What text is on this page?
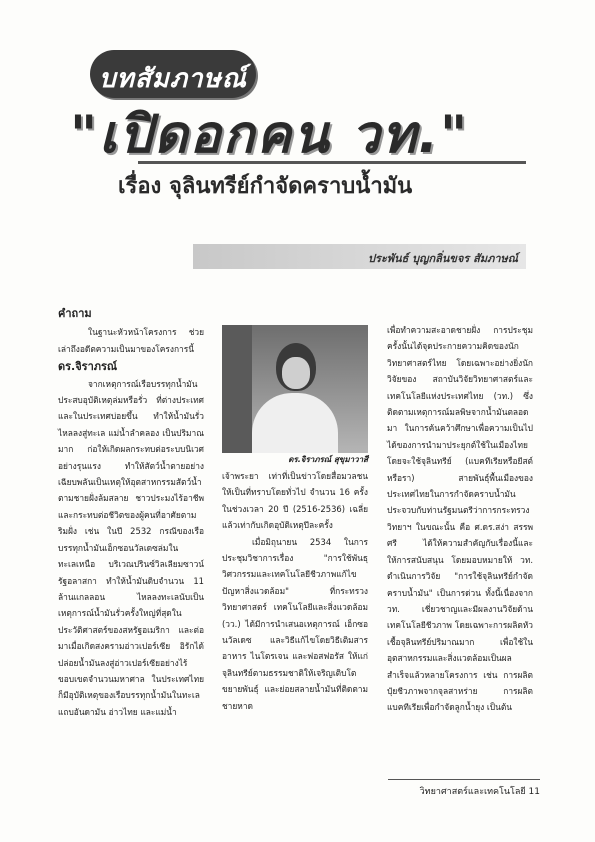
บทสัมภาษณ์
"เปิดอกคน วท."
เรื่อง จุลินทรีย์กำจัดคราบน้ำมัน
ประพันธ์ บุญกลิ่นขจร สัมภาษณ์

คำถาม

ในฐานะหัวหน้าโครงการ ช่วยเล่าถึงอดีตความเป็นมาของโครงการนี้

ดร.จิราภรณ์

จากเหตุการณ์เรือบรรทุกน้ำมันประสบอุบัติเหตุล่มหรือรั่ว ที่ต่างประเทศและในประเทศบ่อยขึ้น ทำให้น้ำมันรั่วไหลลงสู่ทะเล แม่น้ำลำคลอง เป็นปริมาณมาก ก่อให้เกิดผลกระทบต่อระบบนิเวศอย่างรุนแรง ทำให้สัตว์น้ำตายอย่างเฉียบพลันเป็นเหตุให้อุตสาหกรรมสัตว์น้ำตามชายฝั่งล้มสลาย ชาวประมงไร้อาชีพ และกระทบต่อชีวิตของผู้คนที่อาศัยตามริมฝั่ง เช่น ในปี 2532 กรณีของเรือบรรทุกน้ำมันเอ็กซอนวัลเดซล่มในทะเลเหนือ บริเวณปรินซ์วิลเลียมซาวน์ รัฐอลาสกา ทำให้น้ำมันดิบจำนวน 11 ล้านแกลลอน ไหลลงทะเลนับเป็นเหตุการณ์น้ำมันรั่วครั้งใหญ่ที่สุดในประวัติศาสตร์ของสหรัฐอเมริกา และต่อมาเมื่อเกิดสงครามอ่าวเปอร์เซีย อิรักได้ปล่อยน้ำมันลงสู่อ่าวเปอร์เซียอย่างไร้ขอบเขตจำนวนมหาศาล ในประเทศไทยก็มีอุบัติเหตุของเรือบรรทุกน้ำมันในทะเลแถบอันดามัน อ่าวไทย และแม่น้ำ

ดร.จิราภรณ์ สุขุมาวาสี

เจ้าพระยา เท่าที่เป็นข่าวโดยสื่อมวลชนให้เป็นที่ทราบโดยทั่วไป จำนวน 16 ครั้ง ในช่วงเวลา 20 ปี (2516-2536) เฉลี่ยแล้วเท่ากับเกิดอุบัติเหตุปีละครั้ง

เมื่อมิถุนายน 2534 ในการประชุมวิชาการเรื่อง "การใช้พันธุวิศวกรรมและเทคโนโลยีชีวภาพแก้ไขปัญหาสิ่งแวดล้อม" ที่กระทรวงวิทยาศาสตร์ เทคโนโลยีและสิ่งแวดล้อม (วว.) ได้มีการนำเสนอเหตุการณ์ เอ็กซอนวัลเดซ และวิธีแก้ไขโดยวิธีเติมสารอาหาร ไนโตรเจน และฟอสฟอรัส ให้แก่จุลินทรีย์ตามธรรมชาติให้เจริญเติบโตขยายพันธุ์ และย่อยสลายน้ำมันที่ติดตามชายหาด

เพื่อทำความสะอาดชายฝั่ง การประชุมครั้งนั้นได้จุดประกายความคิดของนักวิทยาศาสตร์ไทย โดยเฉพาะอย่างยิ่งนักวิจัยของ สถาบันวิจัยวิทยาศาสตร์และเทคโนโลยีแห่งประเทศไทย (วท.) ซึ่งติดตามเหตุการณ์มลพิษจากน้ำมันตลอดมา ในการค้นคว้าศึกษาเพื่อความเป็นไปได้ของการนำมาประยุกต์ใช้ในเมืองไทย โดยจะใช้จุลินทรีย์ (แบคทีเรียหรือยีสต์ หรือรา) สายพันธุ์พื้นเมืองของประเทศไทยในการกำจัดคราบน้ำมัน ประจวบกับท่านรัฐมนตรีว่าการกระทรวงวิทยาฯ ในขณะนั้น คือ ศ.ดร.สง่า สรรพศรี ได้ให้ความสำคัญกับเรื่องนี้และให้การสนับสนุน โดยมอบหมายให้ วท. ดำเนินการวิจัย "การใช้จุลินทรีย์กำจัดคราบน้ำมัน" เป็นการด่วน ทั้งนี้เนื่องจาก วท. เชี่ยวชาญและมีผลงานวิจัยด้านเทคโนโลยีชีวภาพ โดยเฉพาะการผลิตหัวเชื้อจุลินทรีย์ปริมาณมาก เพื่อใช้ในอุตสาหกรรมและสิ่งแวดล้อมเป็นผลสำเร็จแล้วหลายโครงการ เช่น การผลิตปุ๋ยชีวภาพจากจุลสาหร่าย การผลิตแบคทีเรียเพื่อกำจัดลูกน้ำยุง เป็นต้น

วิทยาศาสตร์และเทคโนโลยี 11
